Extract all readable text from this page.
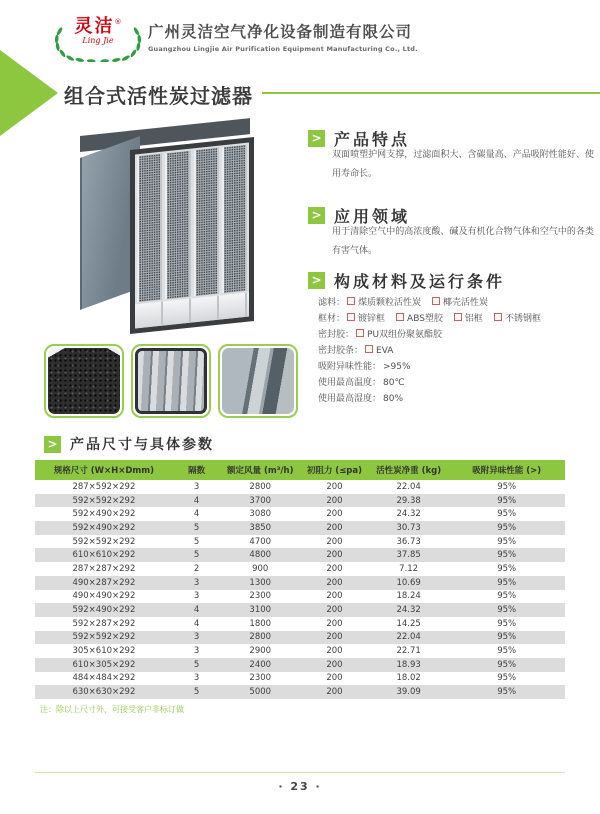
灵洁®
Ling Jie	广州灵洁空气净化设备制造有限公司
Guangzhou Lingjie Air Purification Equipment Manufacturing Co., Ltd.
组合式活性炭过滤器
>
产品特点
双面喷塑护网支撑，过滤面积大、含碳量高、产品吸附性能好、使用寿命长。
>
应用领域
用于清除空气中的高浓度酸、碱及有机化合物气体和空气中的各类有害气体。
>
构成材料及运行条件
滤料： 煤质颗粒活性炭 椰壳活性炭
框材： 镀锌框 ABS塑胶 铝框 不锈钢框
密封胶： PU双组份聚氨酯胶
密封胶条： EVA
吸附异味性能： >95%
使用最高温度： 80℃
使用最高湿度： 80%
>
产品尺寸与具体参数
规格尺寸 (W×H×Dmm)	隔数	额定风量 (m³/h)	初阻力 (≤pa)	活性炭净重 (kg)	吸附异味性能 (>)
287×592×292	3	2800	200	22.04	95%
592×592×292	4	3700	200	29.38	95%
592×490×292	4	3080	200	24.32	95%
592×490×292	5	3850	200	30.73	95%
592×592×292	5	4700	200	36.73	95%
610×610×292	5	4800	200	37.85	95%
287×287×292	2	900	200	7.12	95%
490×287×292	3	1300	200	10.69	95%
490×490×292	3	2300	200	18.24	95%
592×490×292	4	3100	200	24.32	95%
592×287×292	4	1800	200	14.25	95%
592×592×292	3	2800	200	22.04	95%
305×610×292	3	2900	200	22.71	95%
610×305×292	5	2400	200	18.93	95%
484×484×292	3	2300	200	18.02	95%
630×630×292	5	5000	200	39.09	95%
注：除以上尺寸外，可接受客户非标订做
· 23 ·
